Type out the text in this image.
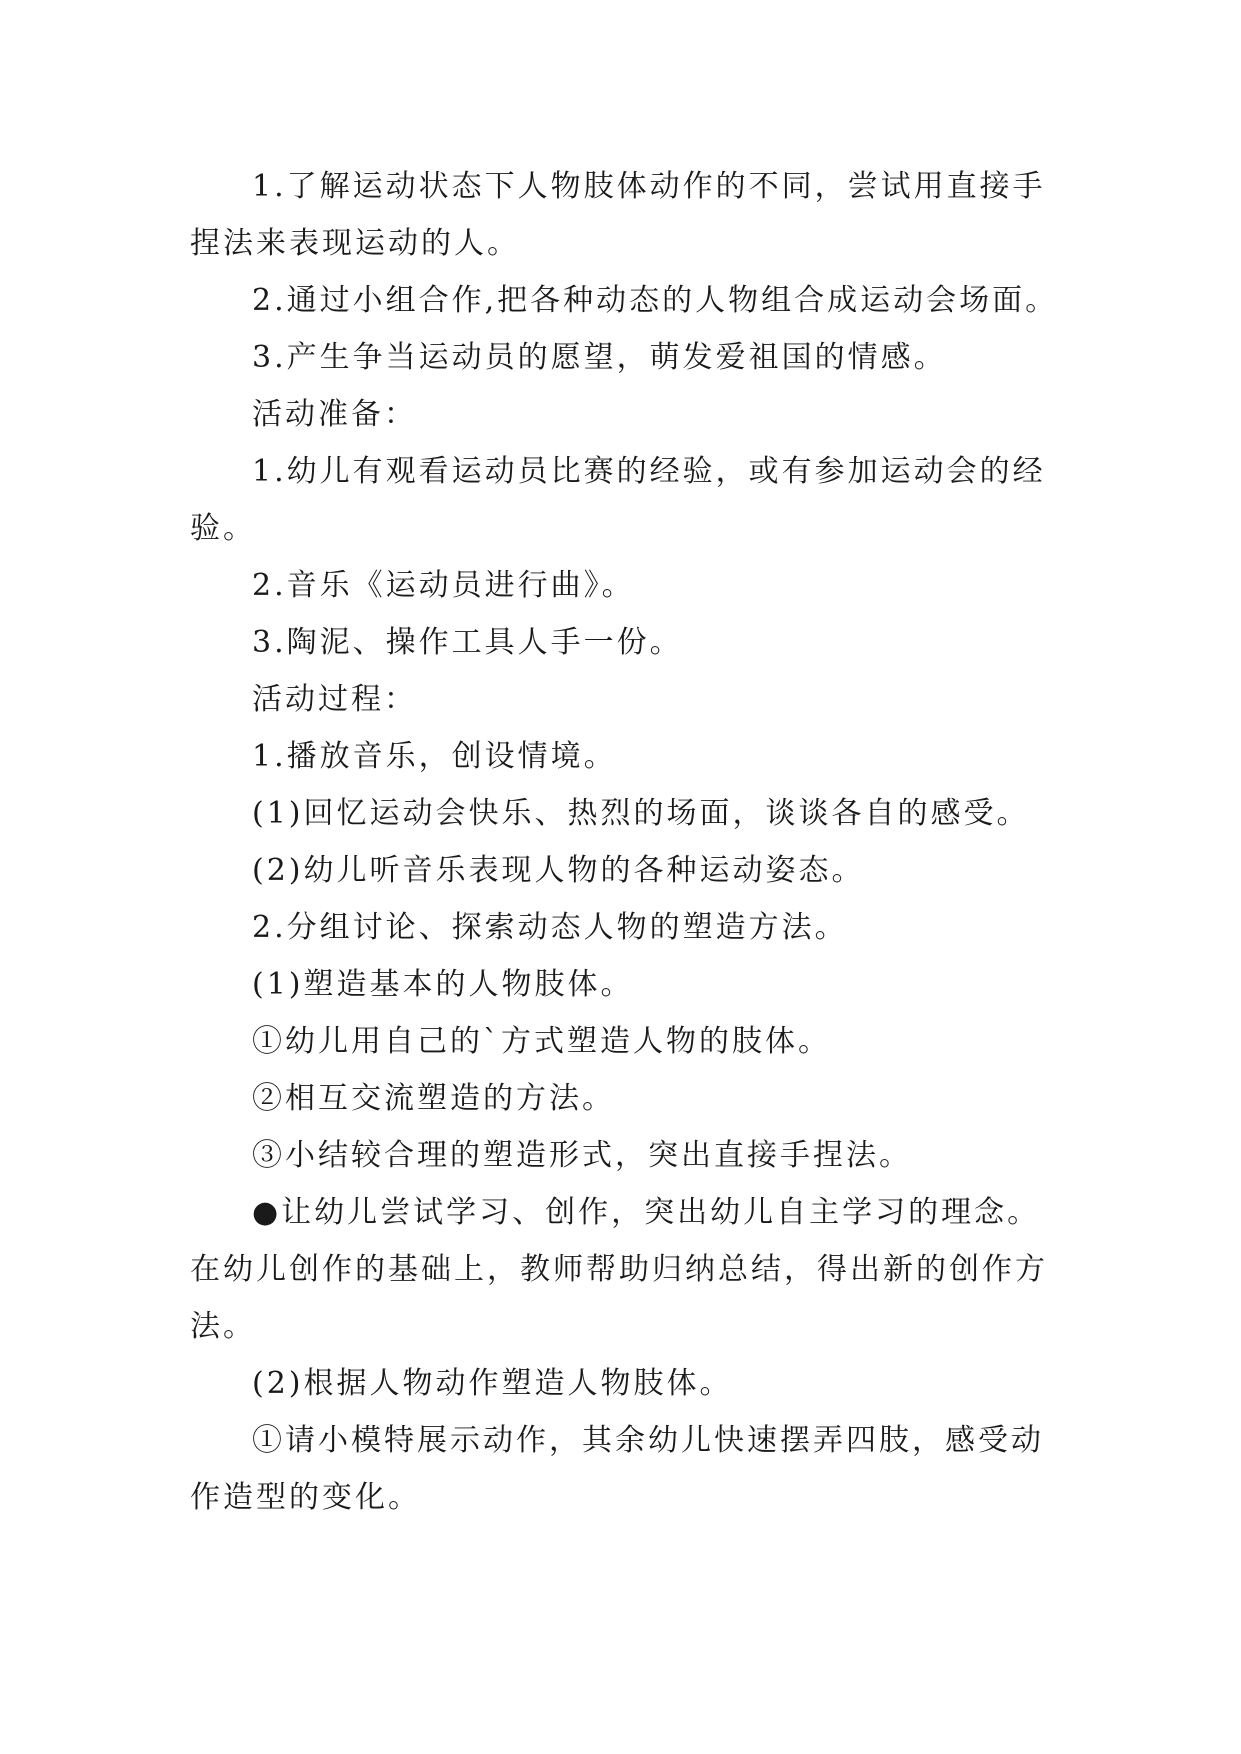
1.了解运动状态下人物肢体动作的不同，尝试用直接手捏法来表现运动的人。

2.通过小组合作,把各种动态的人物组合成运动会场面。

3.产生争当运动员的愿望，萌发爱祖国的情感。

活动准备：

1.幼儿有观看运动员比赛的经验，或有参加运动会的经验。

2.音乐《运动员进行曲》。

3.陶泥、操作工具人手一份。

活动过程：

1.播放音乐，创设情境。

(1)回忆运动会快乐、热烈的场面，谈谈各自的感受。

(2)幼儿听音乐表现人物的各种运动姿态。

2.分组讨论、探索动态人物的塑造方法。

(1)塑造基本的人物肢体。

①幼儿用自己的`方式塑造人物的肢体。

②相互交流塑造的方法。

③小结较合理的塑造形式，突出直接手捏法。

●让幼儿尝试学习、创作，突出幼儿自主学习的理念。在幼儿创作的基础上，教师帮助归纳总结，得出新的创作方法。

(2)根据人物动作塑造人物肢体。

①请小模特展示动作，其余幼儿快速摆弄四肢，感受动作造型的变化。
